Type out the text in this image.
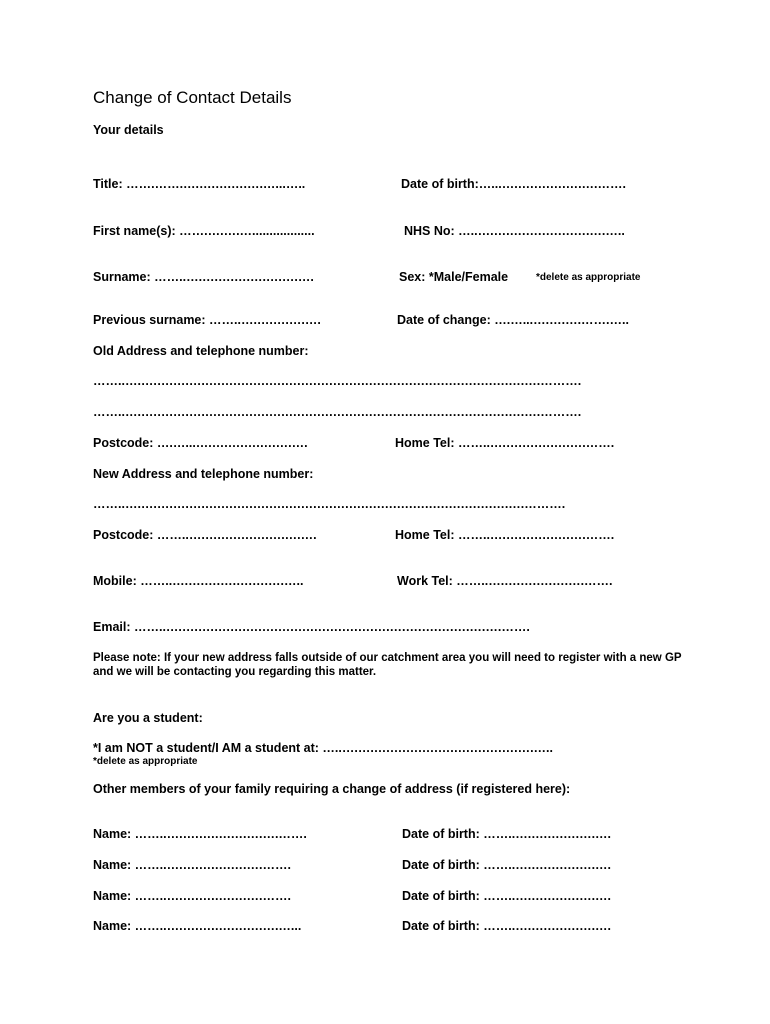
Change of Contact Details
Your details
Title: …….…….….….….….….…...…..	Date of birth:…...….….….….….….…….
First name(s): …….….….…..................	NHS No: …..….….….….….….….….…..
Surname: ……..….….….….….….….….	Sex: *Male/Female	*delete as appropriate
Previous surname: ……..….….….….….	Date of change: ….…...….….….…….…..
Old Address and telephone number:
……..….….….….….….….….….….….….….….….….….….….….….….….….….….……….
……..….….….….….….….….….….….….….….….….….….….….….….….….….….……….
Postcode: ….…...….….….….….….….	Home Tel: ……..….….….….….….…….
New Address and telephone number:
……..….….….….….….….….….….….….….….….….….….….….….….….….….……….
Postcode: ……..….….….….….….….….	Home Tel: ……..….….….….….….…….
Mobile: ……..….….….….….….….…..	Work Tel: ……..….….….….….….…….
Email: ……..….….….….….….….….….….….….….….….….….….….….….…….
Please note: If your new address falls outside of our catchment area you will need to register with a new GP and we will be contacting you regarding this matter.
Are you a student:
*I am NOT a student/I AM a student at: …..….….….….….….….….….….….….…..
*delete as appropriate
Other members of your family requiring a change of address (if registered here):
Name: ……..….….….….….….….…….	Date of birth: ……..….….….….….….
Name: ……..….….….….….….…….	Date of birth: ……..….….….….….….
Name: ……..….….….….….….…….	Date of birth: ……..….….….….….….
Name: ……..….….….….….….….…...	Date of birth: ……..….….….….….….
